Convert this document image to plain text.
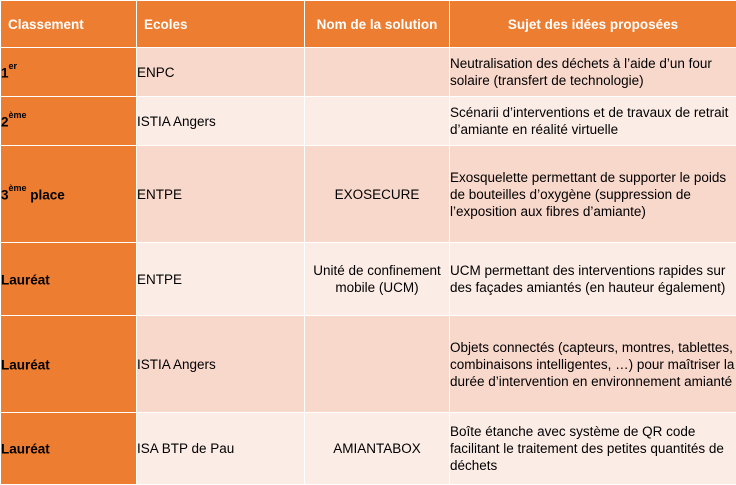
Classement	Ecoles	Nom de la solution	Sujet des idées proposées
1er	ENPC		Neutralisation des déchets à l’aide d’un four solaire (transfert de technologie)
2ème	ISTIA Angers		Scénarii d’interventions et de travaux de retrait d’amiante en réalité virtuelle
3ème place	ENTPE	EXOSECURE	Exosquelette permettant de supporter le poids de bouteilles d’oxygène (suppression de l’exposition aux fibres d’amiante)
Lauréat	ENTPE	Unité de confinement mobile (UCM)	UCM permettant des interventions rapides sur des façades amiantés (en hauteur également)
Lauréat	ISTIA Angers		Objets connectés (capteurs, montres, tablettes, combinaisons intelligentes, …) pour maîtriser la durée d’intervention en environnement amianté
Lauréat	ISA BTP de Pau	AMIANTABOX	Boîte étanche avec système de QR code facilitant le traitement des petites quantités de déchets
